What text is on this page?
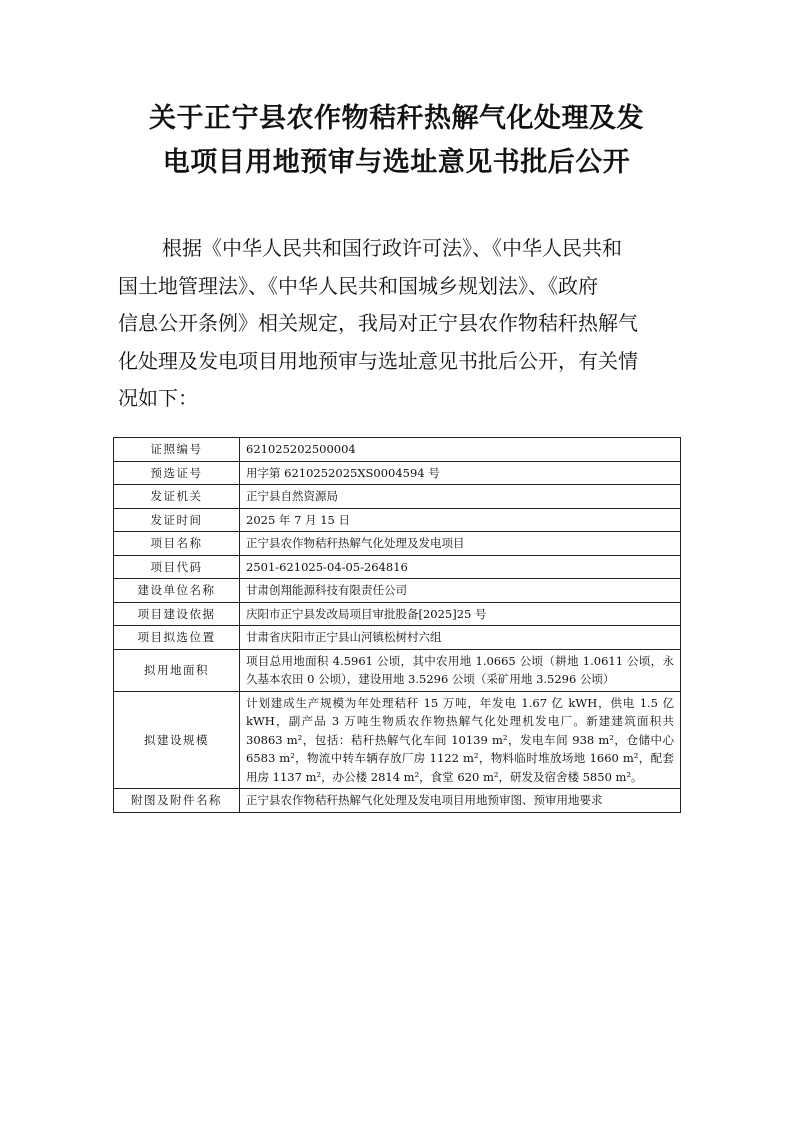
关于正宁县农作物秸秆热解气化处理及发
电项目用地预审与选址意见书批后公开
根据《中华人民共和国行政许可法》、《中华人民共和
国土地管理法》、《中华人民共和国城乡规划法》、《政府
信息公开条例》相关规定，我局对正宁县农作物秸秆热解气
化处理及发电项目用地预审与选址意见书批后公开，有关情
况如下：
证照编号	621025202500004
预选证号	用字第 6210252025XS0004594 号
发证机关	正宁县自然资源局
发证时间	2025 年 7 月 15 日
项目名称	正宁县农作物秸秆热解气化处理及发电项目
项目代码	2501-621025-04-05-264816
建设单位名称	甘肃创翔能源科技有限责任公司
项目建设依据	庆阳市正宁县发改局项目审批股备[2025]25 号
项目拟选位置	甘肃省庆阳市正宁县山河镇松树村六组
拟用地面积	项目总用地面积 4.5961 公顷，其中农用地 1.0665 公顷（耕地 1.0611 公顷，永久基本农田 0 公顷），建设用地 3.5296 公顷（采矿用地 3.5296 公顷）
拟建设规模	计划建成生产规模为年处理秸秆 15 万吨，年发电 1.67 亿 kWH，供电 1.5 亿 kWH，副产品 3 万吨生物质农作物热解气化处理机发电厂。新建建筑面积共 30863 m²，包括：秸秆热解气化车间 10139 m²，发电车间 938 m²，仓储中心 6583 m²，物流中转车辆存放厂房 1122 m²，物料临时堆放场地 1660 m²，配套用房 1137 m²，办公楼 2814 m²，食堂 620 m²，研发及宿舍楼 5850 m²。
附图及附件名称	正宁县农作物秸秆热解气化处理及发电项目用地预审图、预审用地要求
